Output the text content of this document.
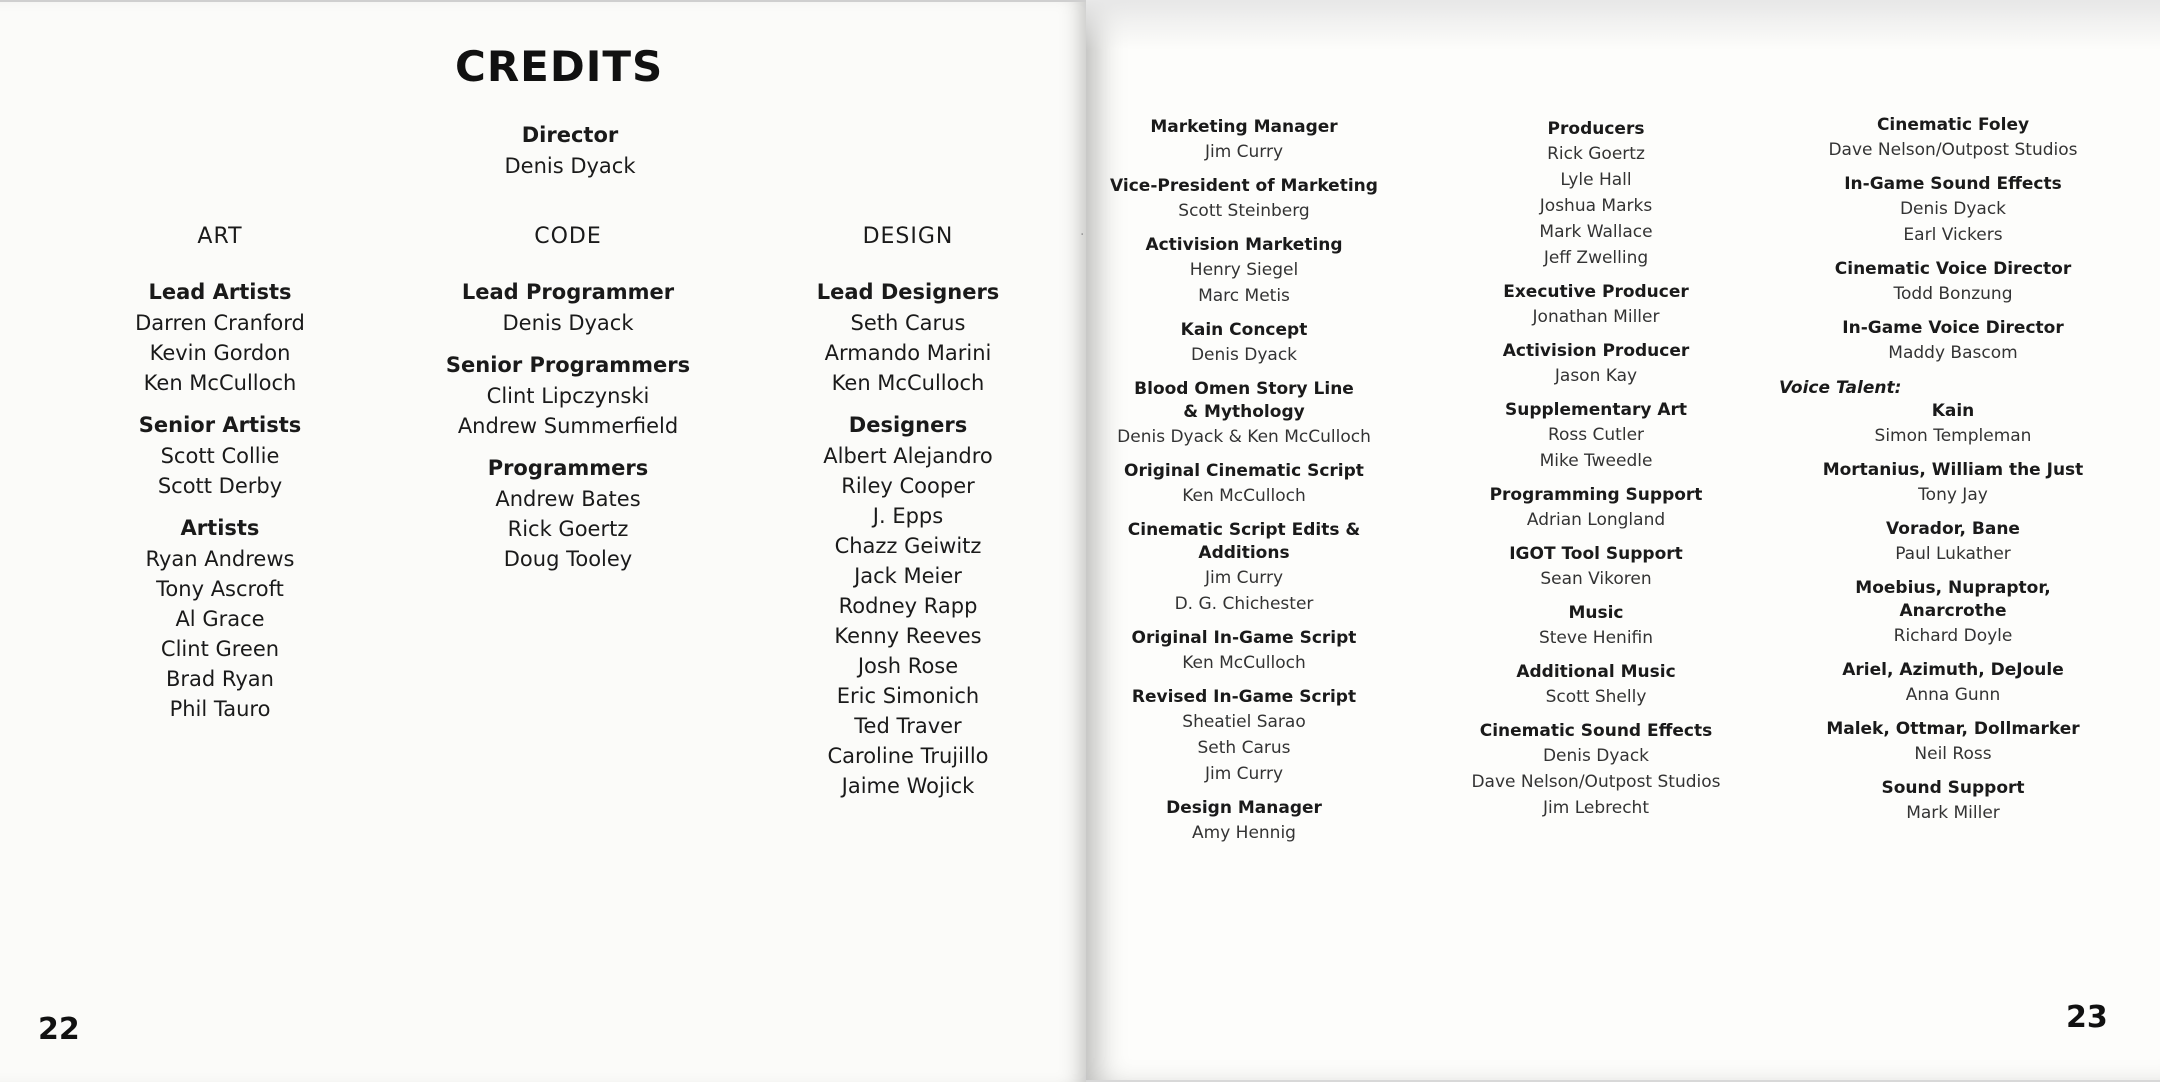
CREDITS
Director
Denis Dyack
ART
Lead Artists
Darren Cranford
Kevin Gordon
Ken McCulloch
Senior Artists
Scott Collie
Scott Derby
Artists
Ryan Andrews
Tony Ascroft
Al Grace
Clint Green
Brad Ryan
Phil Tauro
CODE
Lead Programmer
Denis Dyack
Senior Programmers
Clint Lipczynski
Andrew Summerfield
Programmers
Andrew Bates
Rick Goertz
Doug Tooley
DESIGN
Lead Designers
Seth Carus
Armando Marini
Ken McCulloch
Designers
Albert Alejandro
Riley Cooper
J. Epps
Chazz Geiwitz
Jack Meier
Rodney Rapp
Kenny Reeves
Josh Rose
Eric Simonich
Ted Traver
Caroline Trujillo
Jaime Wojick
22
·
Marketing Manager
Jim Curry
Vice-President of Marketing
Scott Steinberg
Activision Marketing
Henry Siegel
Marc Metis
Kain Concept
Denis Dyack
Blood Omen Story Line
& Mythology
Denis Dyack & Ken McCulloch
Original Cinematic Script
Ken McCulloch
Cinematic Script Edits & Additions
Jim Curry
D. G. Chichester
Original In-Game Script
Ken McCulloch
Revised In-Game Script
Sheatiel Sarao
Seth Carus
Jim Curry
Design Manager
Amy Hennig
Producers
Rick Goertz
Lyle Hall
Joshua Marks
Mark Wallace
Jeff Zwelling
Executive Producer
Jonathan Miller
Activision Producer
Jason Kay
Supplementary Art
Ross Cutler
Mike Tweedle
Programming Support
Adrian Longland
IGOT Tool Support
Sean Vikoren
Music
Steve Henifin
Additional Music
Scott Shelly
Cinematic Sound Effects
Denis Dyack
Dave Nelson/Outpost Studios
Jim Lebrecht
Cinematic Foley
Dave Nelson/Outpost Studios
In-Game Sound Effects
Denis Dyack
Earl Vickers
Cinematic Voice Director
Todd Bonzung
In-Game Voice Director
Maddy Bascom
Voice Talent:
Kain
Simon Templeman
Mortanius, William the Just
Tony Jay
Vorador, Bane
Paul Lukather
Moebius, Nupraptor, Anarcrothe
Richard Doyle
Ariel, Azimuth, DeJoule
Anna Gunn
Malek, Ottmar, Dollmarker
Neil Ross
Sound Support
Mark Miller
23
